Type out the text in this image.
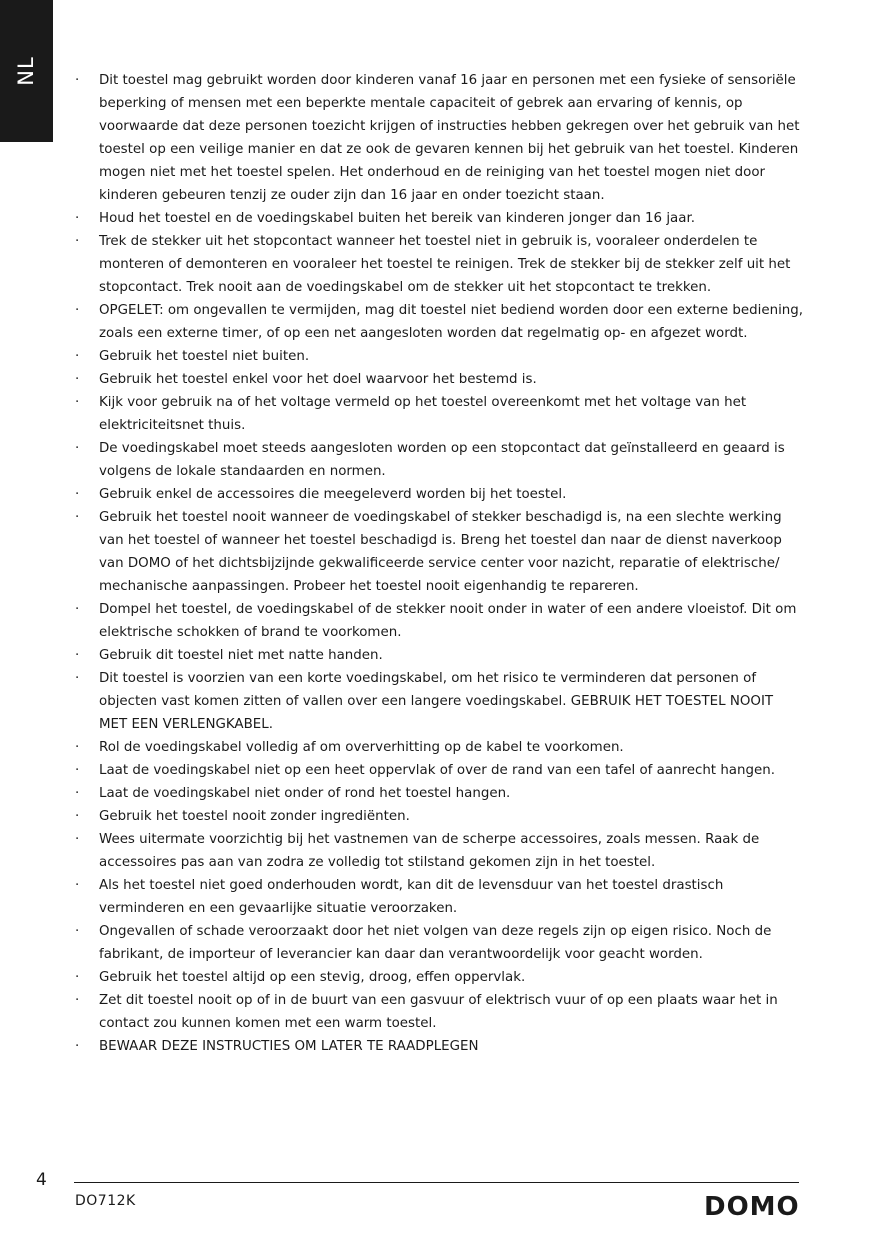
NL	· Dit toestel mag gebruikt worden door kinderen vanaf 16 jaar en personen met een fysieke of sensoriële beperking of mensen met een beperkte mentale capaciteit of gebrek aan ervaring of kennis, op voorwaarde dat deze personen toezicht krijgen of instructies hebben gekregen over het gebruik van het toestel op een veilige manier en dat ze ook de gevaren kennen bij het gebruik van het toestel. Kinderen mogen niet met het toestel spelen. Het onderhoud en de reiniging van het toestel mogen niet door kinderen gebeuren tenzij ze ouder zijn dan 16 jaar en onder toezicht staan.
· Houd het toestel en de voedingskabel buiten het bereik van kinderen jonger dan 16 jaar.
· Trek de stekker uit het stopcontact wanneer het toestel niet in gebruik is, vooraleer onderdelen te monteren of demonteren en vooraleer het toestel te reinigen. Trek de stekker bij de stekker zelf uit het stopcontact. Trek nooit aan de voedingskabel om de stekker uit het stopcontact te trekken.
· OPGELET: om ongevallen te vermijden, mag dit toestel niet bediend worden door een externe bediening, zoals een externe timer, of op een net aangesloten worden dat regelmatig op- en afgezet wordt.
· Gebruik het toestel niet buiten.
· Gebruik het toestel enkel voor het doel waarvoor het bestemd is.
· Kijk voor gebruik na of het voltage vermeld op het toestel overeenkomt met het voltage van het elektriciteitsnet thuis.
· De voedingskabel moet steeds aangesloten worden op een stopcontact dat geïnstalleerd en geaard is volgens de lokale standaarden en normen.
· Gebruik enkel de accessoires die meegeleverd worden bij het toestel.
· Gebruik het toestel nooit wanneer de voedingskabel of stekker beschadigd is, na een slechte werking van het toestel of wanneer het toestel beschadigd is. Breng het toestel dan naar de dienst naverkoop van DOMO of het dichtsbijzijnde gekwalificeerde service center voor nazicht, reparatie of elektrische/ mechanische aanpassingen. Probeer het toestel nooit eigenhandig te repareren.
· Dompel het toestel, de voedingskabel of de stekker nooit onder in water of een andere vloeistof. Dit om elektrische schokken of brand te voorkomen.
· Gebruik dit toestel niet met natte handen.
· Dit toestel is voorzien van een korte voedingskabel, om het risico te verminderen dat personen of objecten vast komen zitten of vallen over een langere voedingskabel. GEBRUIK HET TOESTEL NOOIT MET EEN VERLENGKABEL.
· Rol de voedingskabel volledig af om oververhitting op de kabel te voorkomen.
· Laat de voedingskabel niet op een heet oppervlak of over de rand van een tafel of aanrecht hangen.
· Laat de voedingskabel niet onder of rond het toestel hangen.
· Gebruik het toestel nooit zonder ingrediënten.
· Wees uitermate voorzichtig bij het vastnemen van de scherpe accessoires, zoals messen. Raak de accessoires pas aan van zodra ze volledig tot stilstand gekomen zijn in het toestel.
· Als het toestel niet goed onderhouden wordt, kan dit de levensduur van het toestel drastisch verminderen en een gevaarlijke situatie veroorzaken.
· Ongevallen of schade veroorzaakt door het niet volgen van deze regels zijn op eigen risico. Noch de fabrikant, de importeur of leverancier kan daar dan verantwoordelijk voor geacht worden.
· Gebruik het toestel altijd op een stevig, droog, effen oppervlak.
· Zet dit toestel nooit op of in de buurt van een gasvuur of elektrisch vuur of op een plaats waar het in contact zou kunnen komen met een warm toestel.
· BEWAAR DEZE INSTRUCTIES OM LATER TE RAADPLEGEN
4
DO712K	DOMO
